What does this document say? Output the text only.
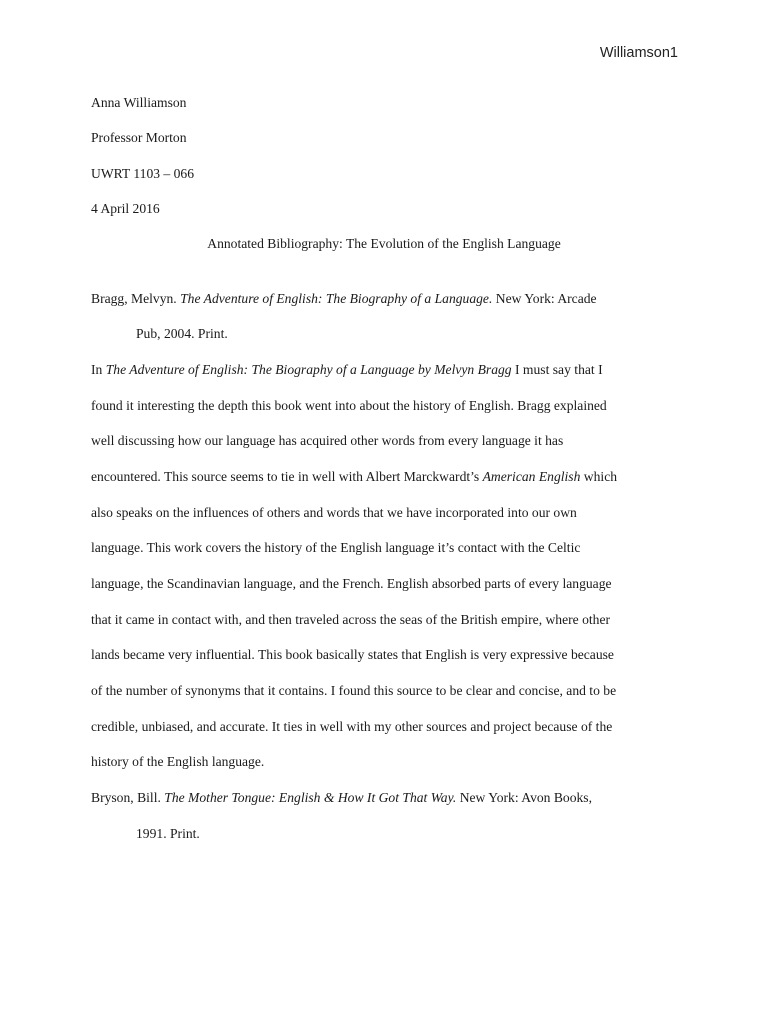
Williamson1
Anna Williamson
Professor Morton
UWRT 1103 – 066
4 April 2016
Annotated Bibliography: The Evolution of the English Language
Bragg, Melvyn. The Adventure of English: The Biography of a Language. New York: Arcade
Pub, 2004. Print.
In The Adventure of English: The Biography of a Language by Melvyn Bragg I must say that I
found it interesting the depth this book went into about the history of English. Bragg explained
well discussing how our language has acquired other words from every language it has
encountered. This source seems to tie in well with Albert Marckwardt’s American English which
also speaks on the influences of others and words that we have incorporated into our own
language. This work covers the history of the English language it’s contact with the Celtic
language, the Scandinavian language, and the French. English absorbed parts of every language
that it came in contact with, and then traveled across the seas of the British empire, where other
lands became very influential. This book basically states that English is very expressive because
of the number of synonyms that it contains. I found this source to be clear and concise, and to be
credible, unbiased, and accurate. It ties in well with my other sources and project because of the
history of the English language.
Bryson, Bill. The Mother Tongue: English & How It Got That Way. New York: Avon Books,
1991. Print.
